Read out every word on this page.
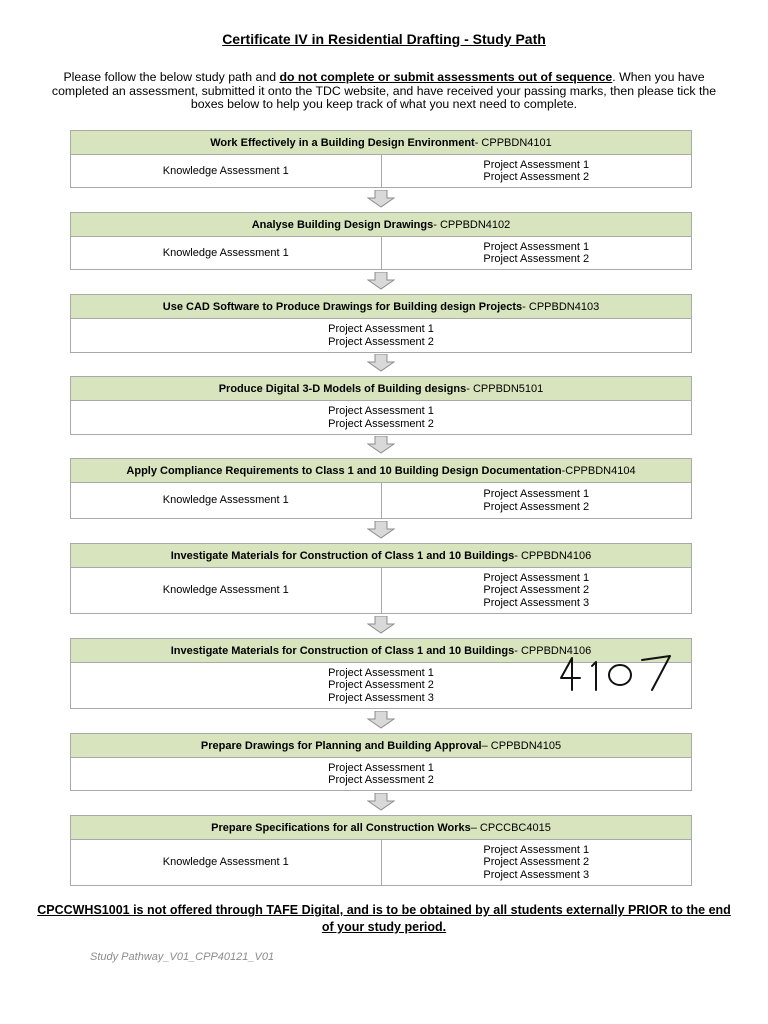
Certificate IV in Residential Drafting - Study Path
Please follow the below study path and do not complete or submit assessments out of sequence. When you have completed an assessment, submitted it onto the TDC website, and have received your passing marks, then please tick the boxes below to help you keep track of what you next need to complete.
Work Effectively in a Building Design Environment - CPPBDN4101
Knowledge Assessment 1
Project Assessment 1
Project Assessment 2
Analyse Building Design Drawings - CPPBDN4102
Knowledge Assessment 1
Project Assessment 1
Project Assessment 2
Use CAD Software to Produce Drawings for Building design Projects - CPPBDN4103
Project Assessment 1
Project Assessment 2
Produce Digital 3-D Models of Building designs - CPPBDN5101
Project Assessment 1
Project Assessment 2
Apply Compliance Requirements to Class 1 and 10 Building Design Documentation -CPPBDN4104
Knowledge Assessment 1
Project Assessment 1
Project Assessment 2
Investigate Materials for Construction of Class 1 and 10 Buildings - CPPBDN4106
Knowledge Assessment 1
Project Assessment 1
Project Assessment 2
Project Assessment 3
Investigate Materials for Construction of Class 1 and 10 Buildings - CPPBDN4106
Project Assessment 1
Project Assessment 2
Project Assessment 3
Prepare Drawings for Planning and Building Approval – CPPBDN4105
Project Assessment 1
Project Assessment 2
Prepare Specifications for all Construction Works – CPCCBC4015
Knowledge Assessment 1
Project Assessment 1
Project Assessment 2
Project Assessment 3
CPCCWHS1001 is not offered through TAFE Digital, and is to be obtained by all students externally PRIOR to the end of your study period.
Study Pathway_V01_CPP40121_V01
